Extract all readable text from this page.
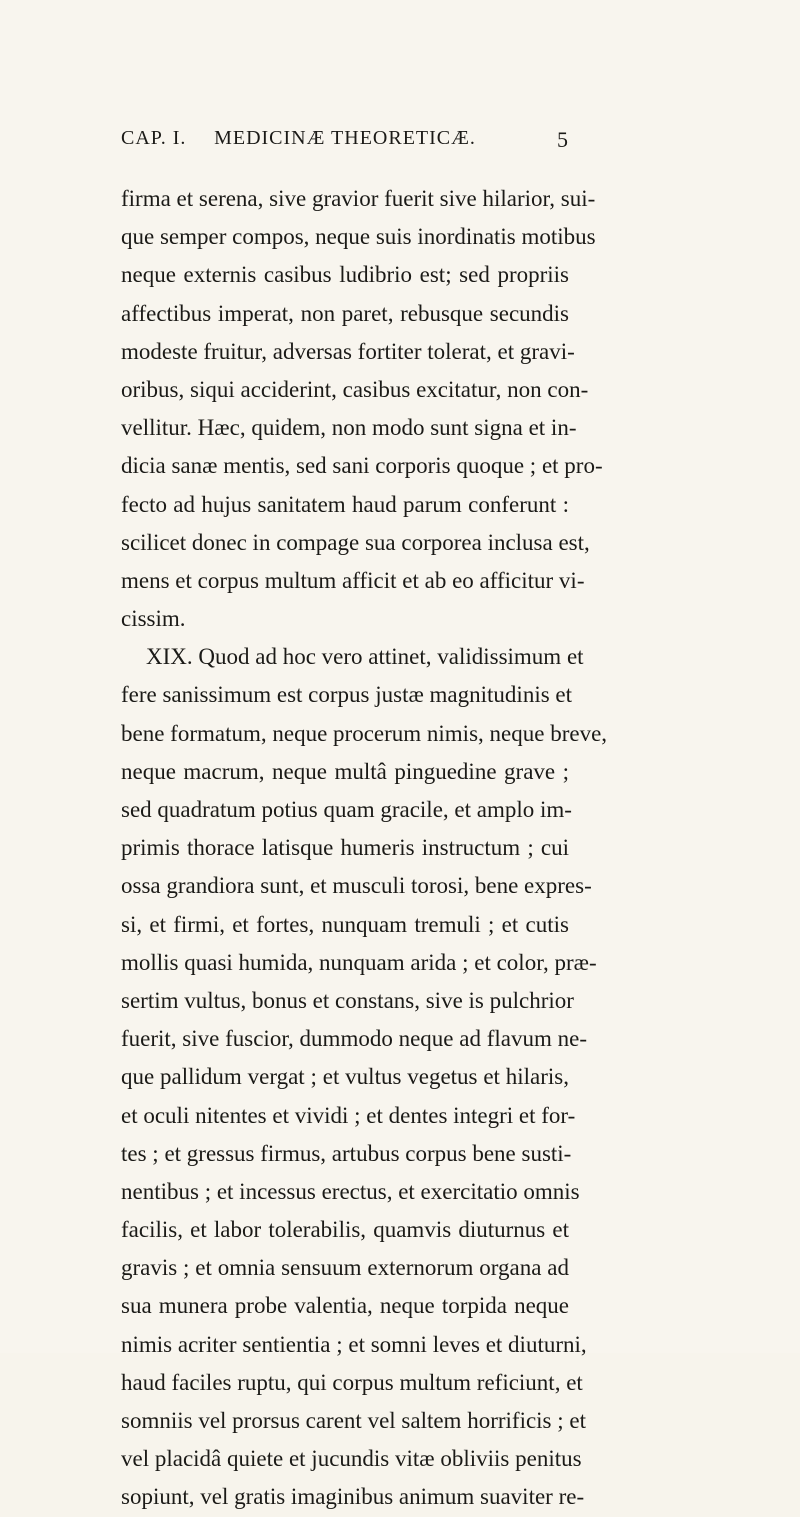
CAP. I.	MEDICINÆ THEORETICÆ.	5
firma et serena, sive gravior fuerit sive hilarior, sui-
que semper compos, neque suis inordinatis motibus
neque externis casibus ludibrio est; sed propriis
affectibus imperat, non paret, rebusque secundis
modeste fruitur, adversas fortiter tolerat, et gravi-
oribus, siqui acciderint, casibus excitatur, non con-
vellitur. Hæc, quidem, non modo sunt signa et in-
dicia sanæ mentis, sed sani corporis quoque ; et pro-
fecto ad hujus sanitatem haud parum conferunt :
scilicet donec in compage sua corporea inclusa est,
mens et corpus multum afficit et ab eo afficitur vi-
cissim.
XIX. Quod ad hoc vero attinet, validissimum et
fere sanissimum est corpus justæ magnitudinis et
bene formatum, neque procerum nimis, neque breve,
neque macrum, neque multâ pinguedine grave ;
sed quadratum potius quam gracile, et amplo im-
primis thorace latisque humeris instructum ; cui
ossa grandiora sunt, et musculi torosi, bene expres-
si, et firmi, et fortes, nunquam tremuli ; et cutis
mollis quasi humida, nunquam arida ; et color, præ-
sertim vultus, bonus et constans, sive is pulchrior
fuerit, sive fuscior, dummodo neque ad flavum ne-
que pallidum vergat ; et vultus vegetus et hilaris,
et oculi nitentes et vividi ; et dentes integri et for-
tes ; et gressus firmus, artubus corpus bene susti-
nentibus ; et incessus erectus, et exercitatio omnis
facilis, et labor tolerabilis, quamvis diuturnus et
gravis ; et omnia sensuum externorum organa ad
sua munera probe valentia, neque torpida neque
nimis acriter sentientia ; et somni leves et diuturni,
haud faciles ruptu, qui corpus multum reficiunt, et
somniis vel prorsus carent vel saltem horrificis ; et
vel placidâ quiete et jucundis vitæ obliviis penitus
sopiunt, vel gratis imaginibus animum suaviter re-
